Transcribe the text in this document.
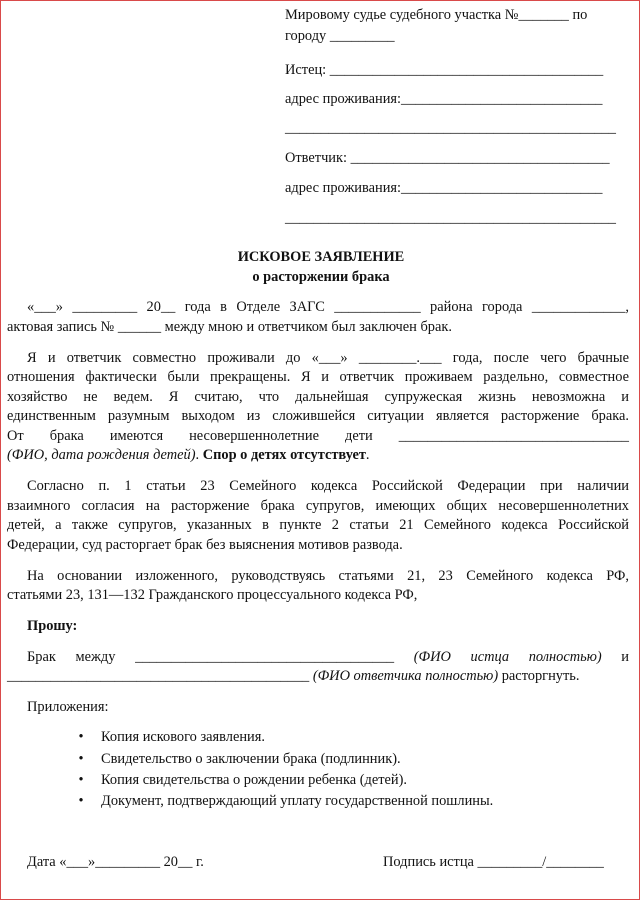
Мировому судье судебного участка №_______ по
городу _________
Истец: ______________________________________
адрес проживания:____________________________
______________________________________________
Ответчик: ____________________________________
адрес проживания:____________________________
______________________________________________
ИСКОВОЕ ЗАЯВЛЕНИЕ
о расторжении брака
«___» _________ 20__ года в Отделе ЗАГС ____________ района города _____________,
актовая запись № ______ между мною и ответчиком был заключен брак.
Я и ответчик совместно проживали до «___» ________.___ года, после чего брачные
отношения фактически были прекращены. Я и ответчик проживаем раздельно, совместное
хозяйство не ведем. Я считаю, что дальнейшая супружеская жизнь невозможна и
единственным разумным выходом из сложившейся ситуации является расторжение брака.
От брака имеются несовершеннолетние дети ________________________________
(ФИО, дата рождения детей). Спор о детях отсутствует.
Согласно п. 1 статьи 23 Семейного кодекса Российской Федерации при наличии
взаимного согласия на расторжение брака супругов, имеющих общих несовершеннолетних
детей, а также супругов, указанных в пункте 2 статьи 21 Семейного кодекса Российской
Федерации, суд расторгает брак без выяснения мотивов развода.
На основании изложенного, руководствуясь статьями 21, 23 Семейного кодекса РФ,
статьями 23, 131—132 Гражданского процессуального кодекса РФ,
Прошу:
Брак между ____________________________________ (ФИО истца полностью) и
__________________________________________ (ФИО ответчика полностью) расторгнуть.
Приложения:
• Копия искового заявления.
• Свидетельство о заключении брака (подлинник).
• Копия свидетельства о рождении ребенка (детей).
• Документ, подтверждающий уплату государственной пошлины.
Дата «___»_________ 20__ г.	Подпись истца _________/________
